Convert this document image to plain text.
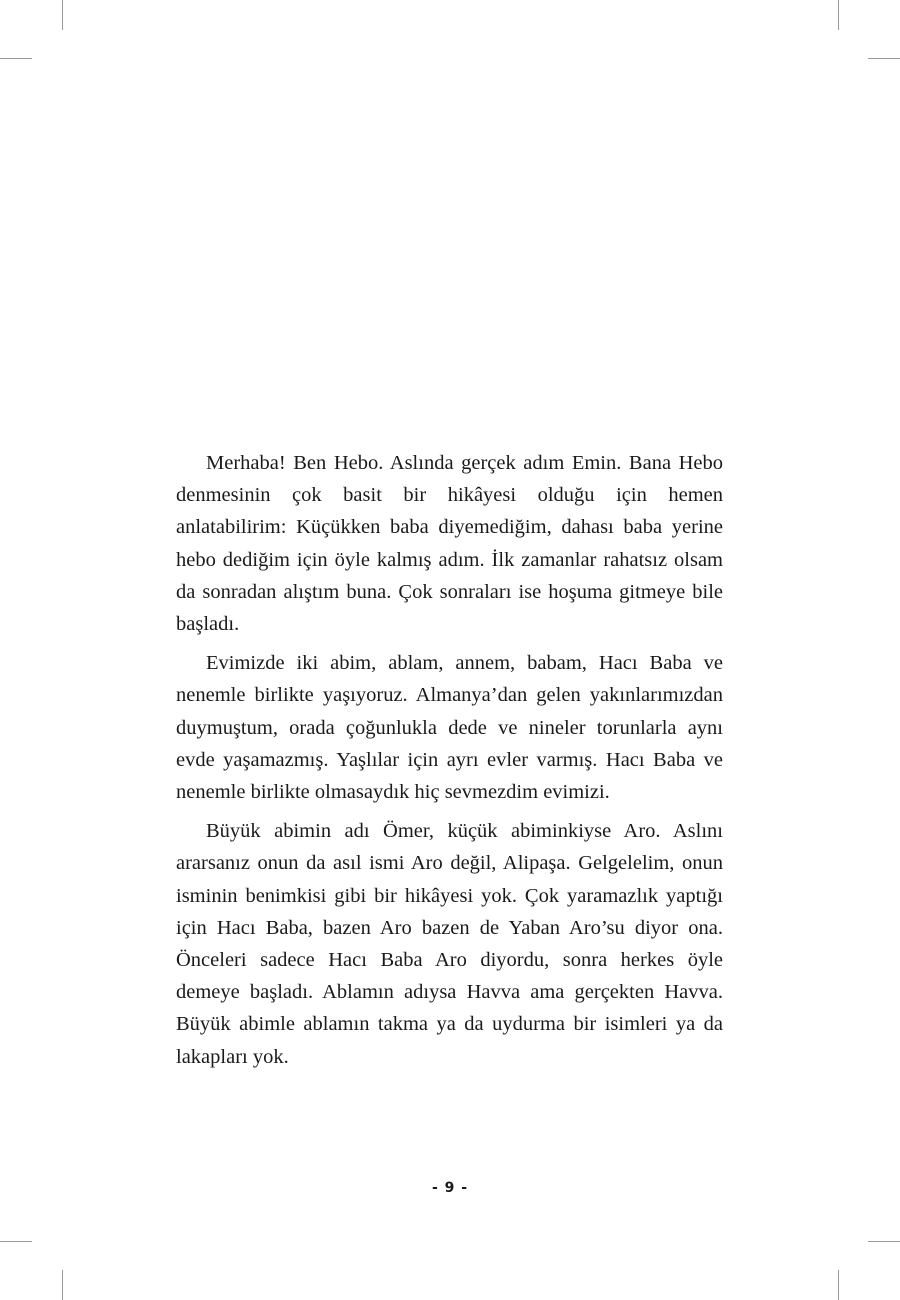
Merhaba! Ben Hebo. Aslında gerçek adım Emin. Bana Hebo denmesinin çok basit bir hikâyesi olduğu için hemen anlatabilirim: Küçükken baba diyemediğim, dahası baba yerine hebo dediğim için öyle kalmış adım. İlk zamanlar rahatsız olsam da sonradan alıştım buna. Çok sonraları ise hoşuma gitmeye bile başladı.

Evimizde iki abim, ablam, annem, babam, Hacı Baba ve nenemle birlikte yaşıyoruz. Almanya’dan gelen yakınlarımızdan duymuştum, orada çoğunlukla dede ve nineler torunlarla aynı evde yaşamazmış. Yaşlılar için ayrı evler varmış. Hacı Baba ve nenemle birlikte olmasaydık hiç sevmezdim evimizi.

Büyük abimin adı Ömer, küçük abiminkiyse Aro. Aslını ararsanız onun da asıl ismi Aro değil, Alipaşa. Gelgelelim, onun isminin benimkisi gibi bir hikâyesi yok. Çok yaramazlık yaptığı için Hacı Baba, bazen Aro bazen de Yaban Aro’su diyor ona. Önceleri sadece Hacı Baba Aro diyordu, sonra herkes öyle demeye başladı. Ablamın adıysa Havva ama gerçekten Havva. Büyük abimle ablamın takma ya da uydurma bir isimleri ya da lakapları yok.

- 9 -
